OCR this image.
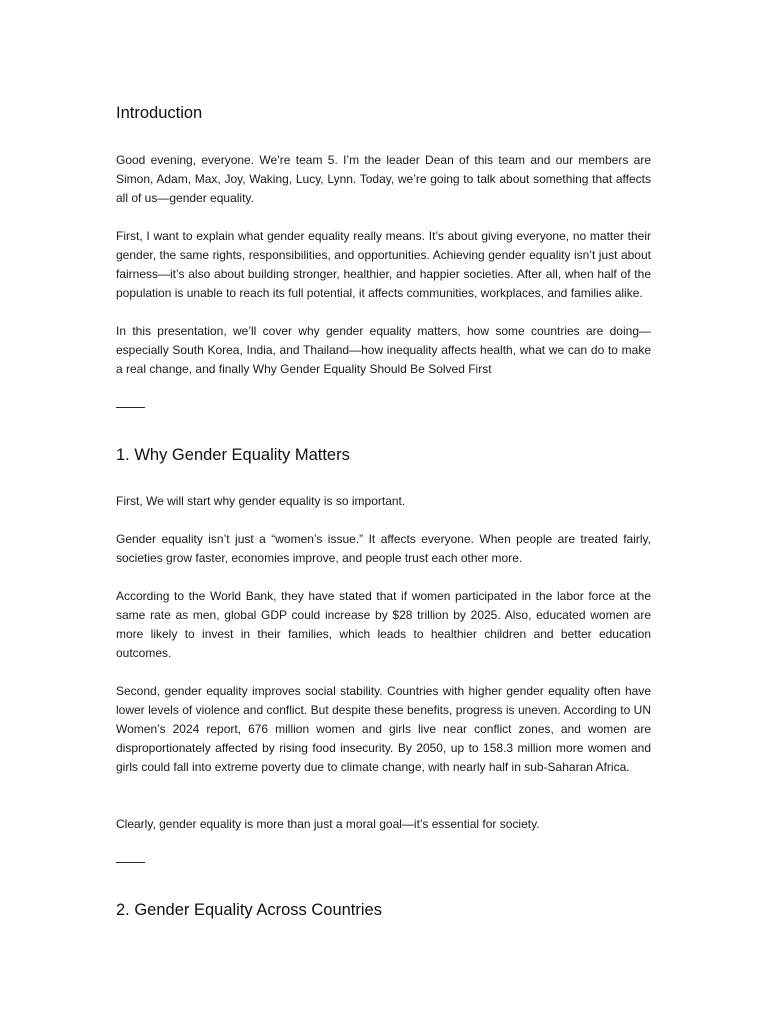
Introduction

Good evening, everyone. We’re team 5. I’m the leader Dean of this team and our members are Simon, Adam, Max, Joy, Waking, Lucy, Lynn. Today, we’re going to talk about something that affects all of us—gender equality.

First, I want to explain what gender equality really means. It’s about giving everyone, no matter their gender, the same rights, responsibilities, and opportunities. Achieving gender equality isn’t just about fairness—it’s also about building stronger, healthier, and happier societies. After all, when half of the population is unable to reach its full potential, it affects communities, workplaces, and families alike.

In this presentation, we’ll cover why gender equality matters, how some countries are doing—especially South Korea, India, and Thailand—how inequality affects health, what we can do to make a real change, and finally Why Gender Equality Should Be Solved First

1. Why Gender Equality Matters

First, We will start why gender equality is so important.

Gender equality isn’t just a “women’s issue.” It affects everyone. When people are treated fairly, societies grow faster, economies improve, and people trust each other more.

According to the World Bank, they have stated that if women participated in the labor force at the same rate as men, global GDP could increase by $28 trillion by 2025. Also, educated women are more likely to invest in their families, which leads to healthier children and better education outcomes.

Second, gender equality improves social stability. Countries with higher gender equality often have lower levels of violence and conflict. But despite these benefits, progress is uneven. According to UN Women’s 2024 report, 676 million women and girls live near conflict zones, and women are disproportionately affected by rising food insecurity. By 2050, up to 158.3 million more women and girls could fall into extreme poverty due to climate change, with nearly half in sub-Saharan Africa.

Clearly, gender equality is more than just a moral goal—it’s essential for society.

2. Gender Equality Across Countries
